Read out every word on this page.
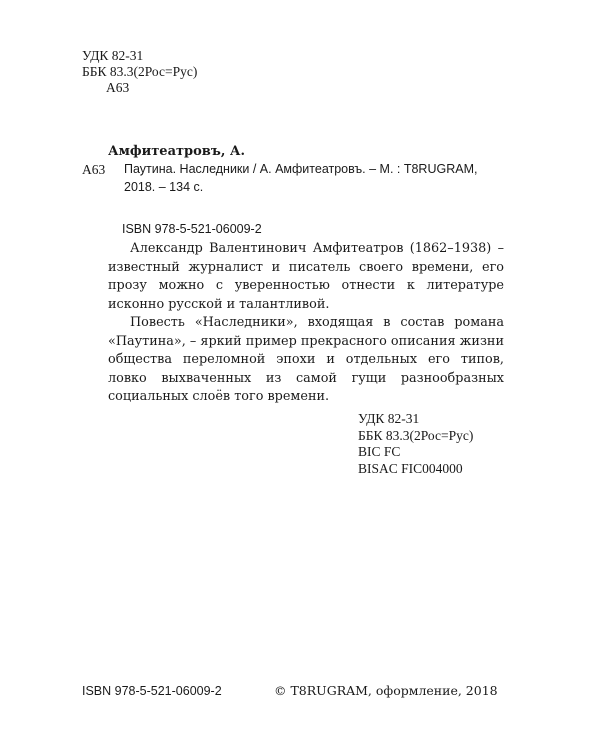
УДК 82-31
ББК 83.3(2Рос=Рус)
А63
Амфитеатровъ, А.
А63 Паутина. Наследники / А. Амфитеатровъ. – М. : T8RUGRAM, 2018. – 134 с.
ISBN 978-5-521-06009-2

Александр Валентинович Амфитеатров (1862–1938) – известный журналист и писатель своего времени, его прозу можно с уверенностью отнести к литературе исконно русской и талантливой.

Повесть «Наследники», входящая в состав романа «Паутина», – яркий пример прекрасного описания жизни общества переломной эпохи и отдельных его типов, ловко выхваченных из самой гущи разнообразных социальных слоёв того времени.

УДК 82-31
ББК 83.3(2Рос=Рус)
BIC FC
BISAC FIC004000
ISBN 978-5-521-06009-2	© T8RUGRAM, оформление, 2018
